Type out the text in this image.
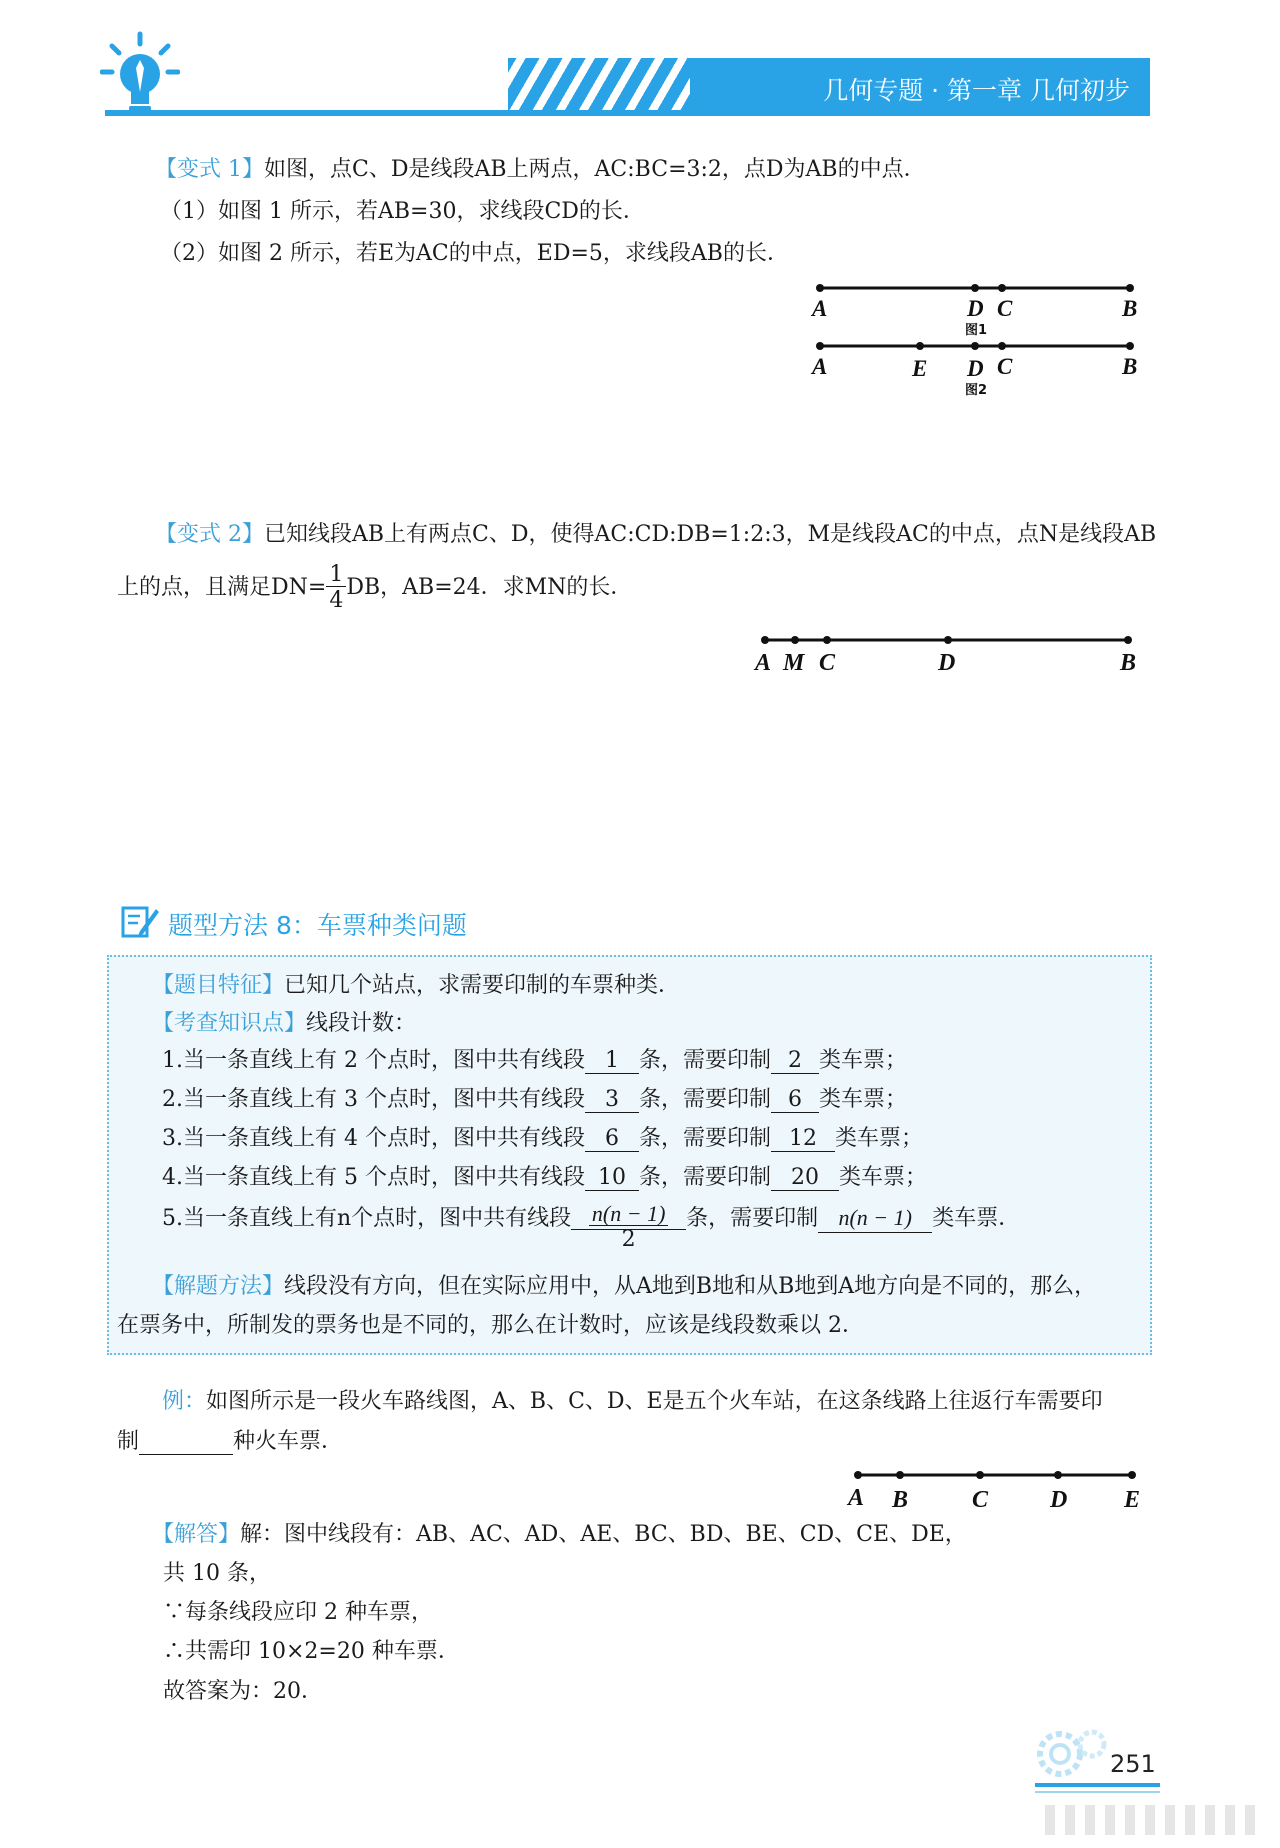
几何专题 · 第一章 几何初步
【变式 1】如图，点C、D是线段AB上两点，AC:BC=3:2，点D为AB的中点．
（1）如图 1 所示，若AB=30，求线段CD的长．
（2）如图 2 所示，若E为AC的中点，ED=5，求线段AB的长．
A	D C	B
图1
A	E D C	B
图2
【变式 2】已知线段AB上有两点C、D，使得AC:CD:DB=1:2:3，M是线段AC的中点，点N是线段AB
上的点，且满足$DN= \frac{1}{4}$ DB，AB=24．求MN的长．
A M C	D	B
题型方法 8：车票种类问题
【题目特征】已知几个站点，求需要印制的车票种类．
【考查知识点】线段计数：
1.当一条直线上有 2 个点时，图中共有线段 1 条，需要印制 2 类车票；
2.当一条直线上有 3 个点时，图中共有线段 3 条，需要印制 6 类车票；
3.当一条直线上有 4 个点时，图中共有线段 6 条，需要印制 12 类车票；
4.当一条直线上有 5 个点时，图中共有线段 10 条，需要印制 20 类车票；
5.当一条直线上有n个点时，图中共有线段 $\frac{n(n - 1)}{2}$ 条，需要印制 n(n − 1) 类车票．
【解题方法】线段没有方向，但在实际应用中，从A地到B地和从B地到A地方向是不同的，那么，
在票务中，所制发的票务也是不同的，那么在计数时，应该是线段数乘以 2．
例：如图所示是一段火车路线图，A、B、C、D、E是五个火车站，在这条线路上往返行车需要印
制	种火车票．
A B	C	D E
【解答】解：图中线段有：AB、AC、AD、AE、BC、BD、BE、CD、CE、DE，
共 10 条，
∵每条线段应印 2 种车票，
∴共需印 10×2=20 种车票．
故答案为：20．
251
